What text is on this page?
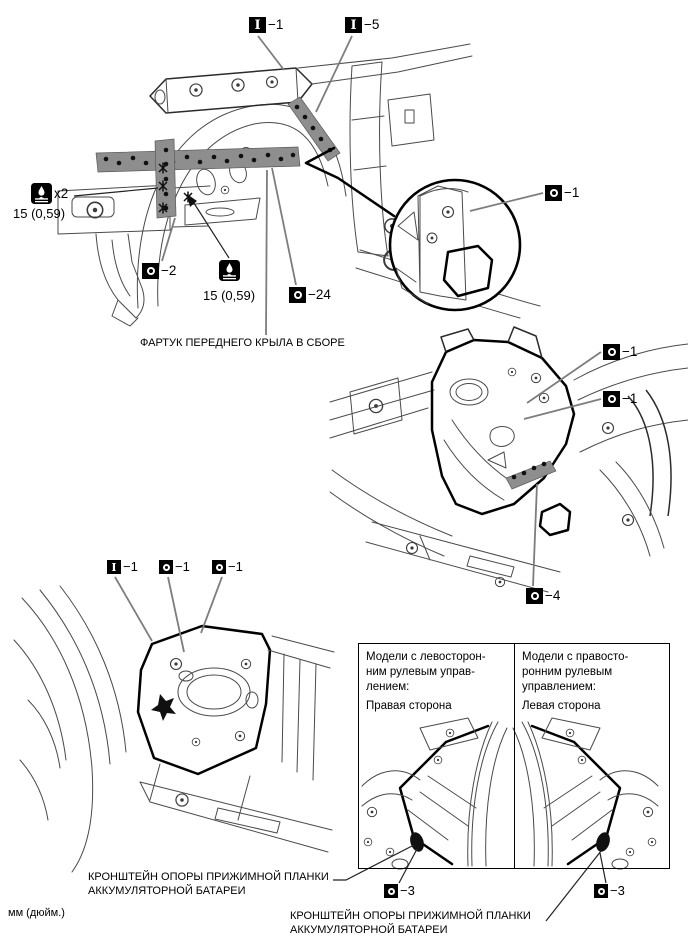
I −1	I −5
−1
−2
−24
x2
15 (0,59)
15 (0,59)
ФАРТУК ПЕРЕДНЕГО КРЫЛА В СБОРЕ
−1
−1
−4
I −1	−1	−1
Модели с левосторон-
ним рулевым управ-
лением:
Правая сторона
Модели с правосто-
ронним рулевым
управлением:
Левая сторона
−3	−3
КРОНШТЕЙН ОПОРЫ ПРИЖИМНОЙ ПЛАНКИ
АККУМУЛЯТОРНОЙ БАТАРЕИ
КРОНШТЕЙН ОПОРЫ ПРИЖИМНОЙ ПЛАНКИ
АККУМУЛЯТОРНОЙ БАТАРЕИ
мм (дюйм.)
